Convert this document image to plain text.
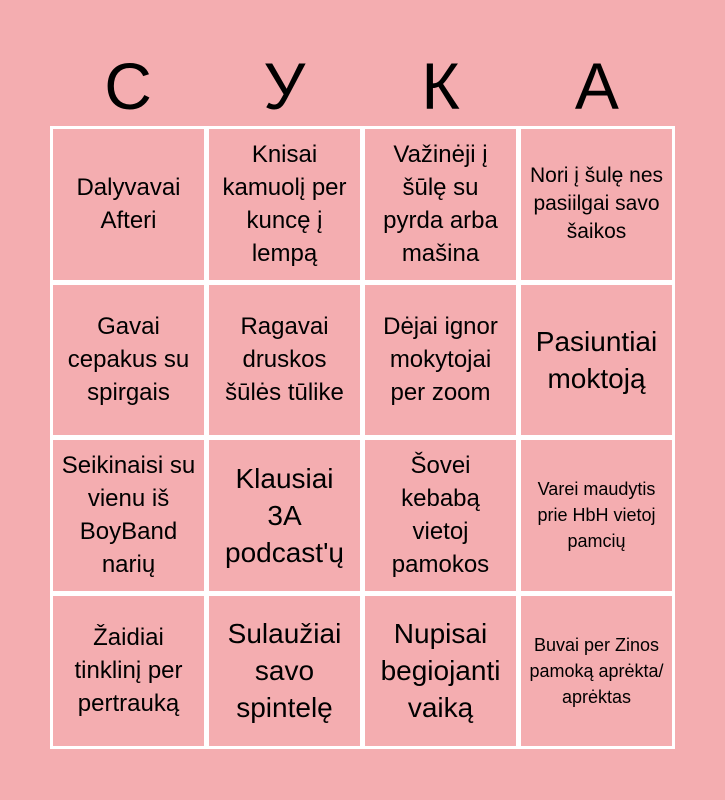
С	У	К	А
Dalyvavai Afteri
Knisai kamuolį per kuncę į lempą
Važinėji į šūlę su pyrda arba mašina
Nori į šulę nes pasiilgai savo šaikos
Gavai cepakus su spirgais
Ragavai druskos šūlės tūlike
Dėjai ignor mokytojai per zoom
Pasiuntiai moktoją
Seikinaisi su vienu iš BoyBand narių
Klausiai 3A podcast'ų
Šovei kebabą vietoj pamokos
Varei maudytis prie HbH vietoj pamcių
Žaidiai tinklinį per pertrauką
Sulaužiai savo spintelę
Nupisai begiojanti vaiką
Buvai per Zinos pamoką aprėkta/ aprėktas
